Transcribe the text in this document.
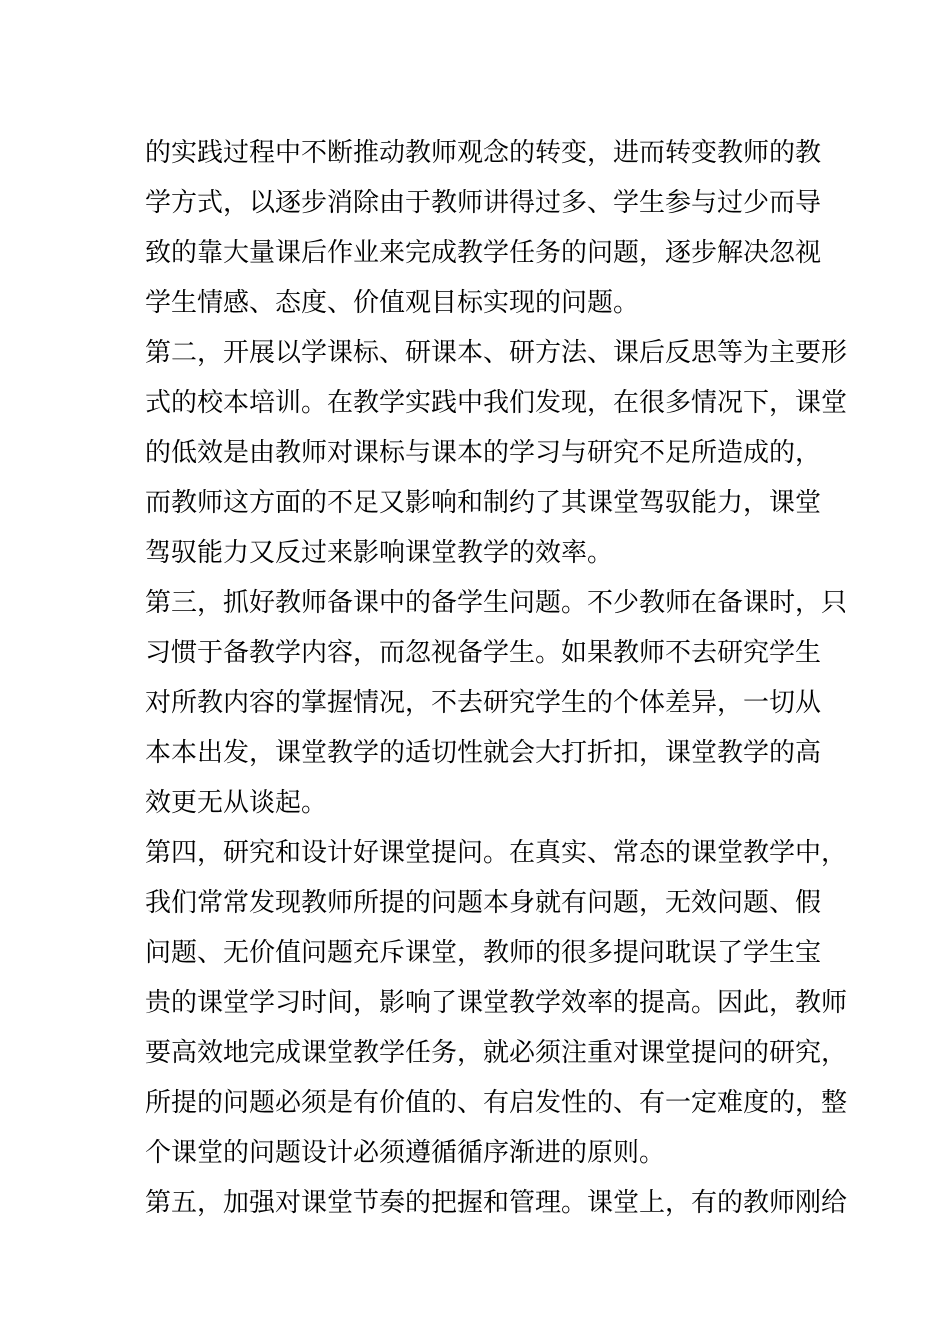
的实践过程中不断推动教师观念的转变，进而转变教师的教
学方式，以逐步消除由于教师讲得过多、学生参与过少而导
致的靠大量课后作业来完成教学任务的问题，逐步解决忽视
学生情感、态度、价值观目标实现的问题。
第二，开展以学课标、研课本、研方法、课后反思等为主要形
式的校本培训。在教学实践中我们发现，在很多情况下，课堂
的低效是由教师对课标与课本的学习与研究不足所造成的，
而教师这方面的不足又影响和制约了其课堂驾驭能力，课堂
驾驭能力又反过来影响课堂教学的效率。
第三，抓好教师备课中的备学生问题。不少教师在备课时，只
习惯于备教学内容，而忽视备学生。如果教师不去研究学生
对所教内容的掌握情况，不去研究学生的个体差异，一切从
本本出发，课堂教学的适切性就会大打折扣，课堂教学的高
效更无从谈起。
第四，研究和设计好课堂提问。在真实、常态的课堂教学中，
我们常常发现教师所提的问题本身就有问题，无效问题、假
问题、无价值问题充斥课堂，教师的很多提问耽误了学生宝
贵的课堂学习时间，影响了课堂教学效率的提高。因此，教师
要高效地完成课堂教学任务，就必须注重对课堂提问的研究，
所提的问题必须是有价值的、有启发性的、有一定难度的，整
个课堂的问题设计必须遵循循序渐进的原则。
第五，加强对课堂节奏的把握和管理。课堂上，有的教师刚给
